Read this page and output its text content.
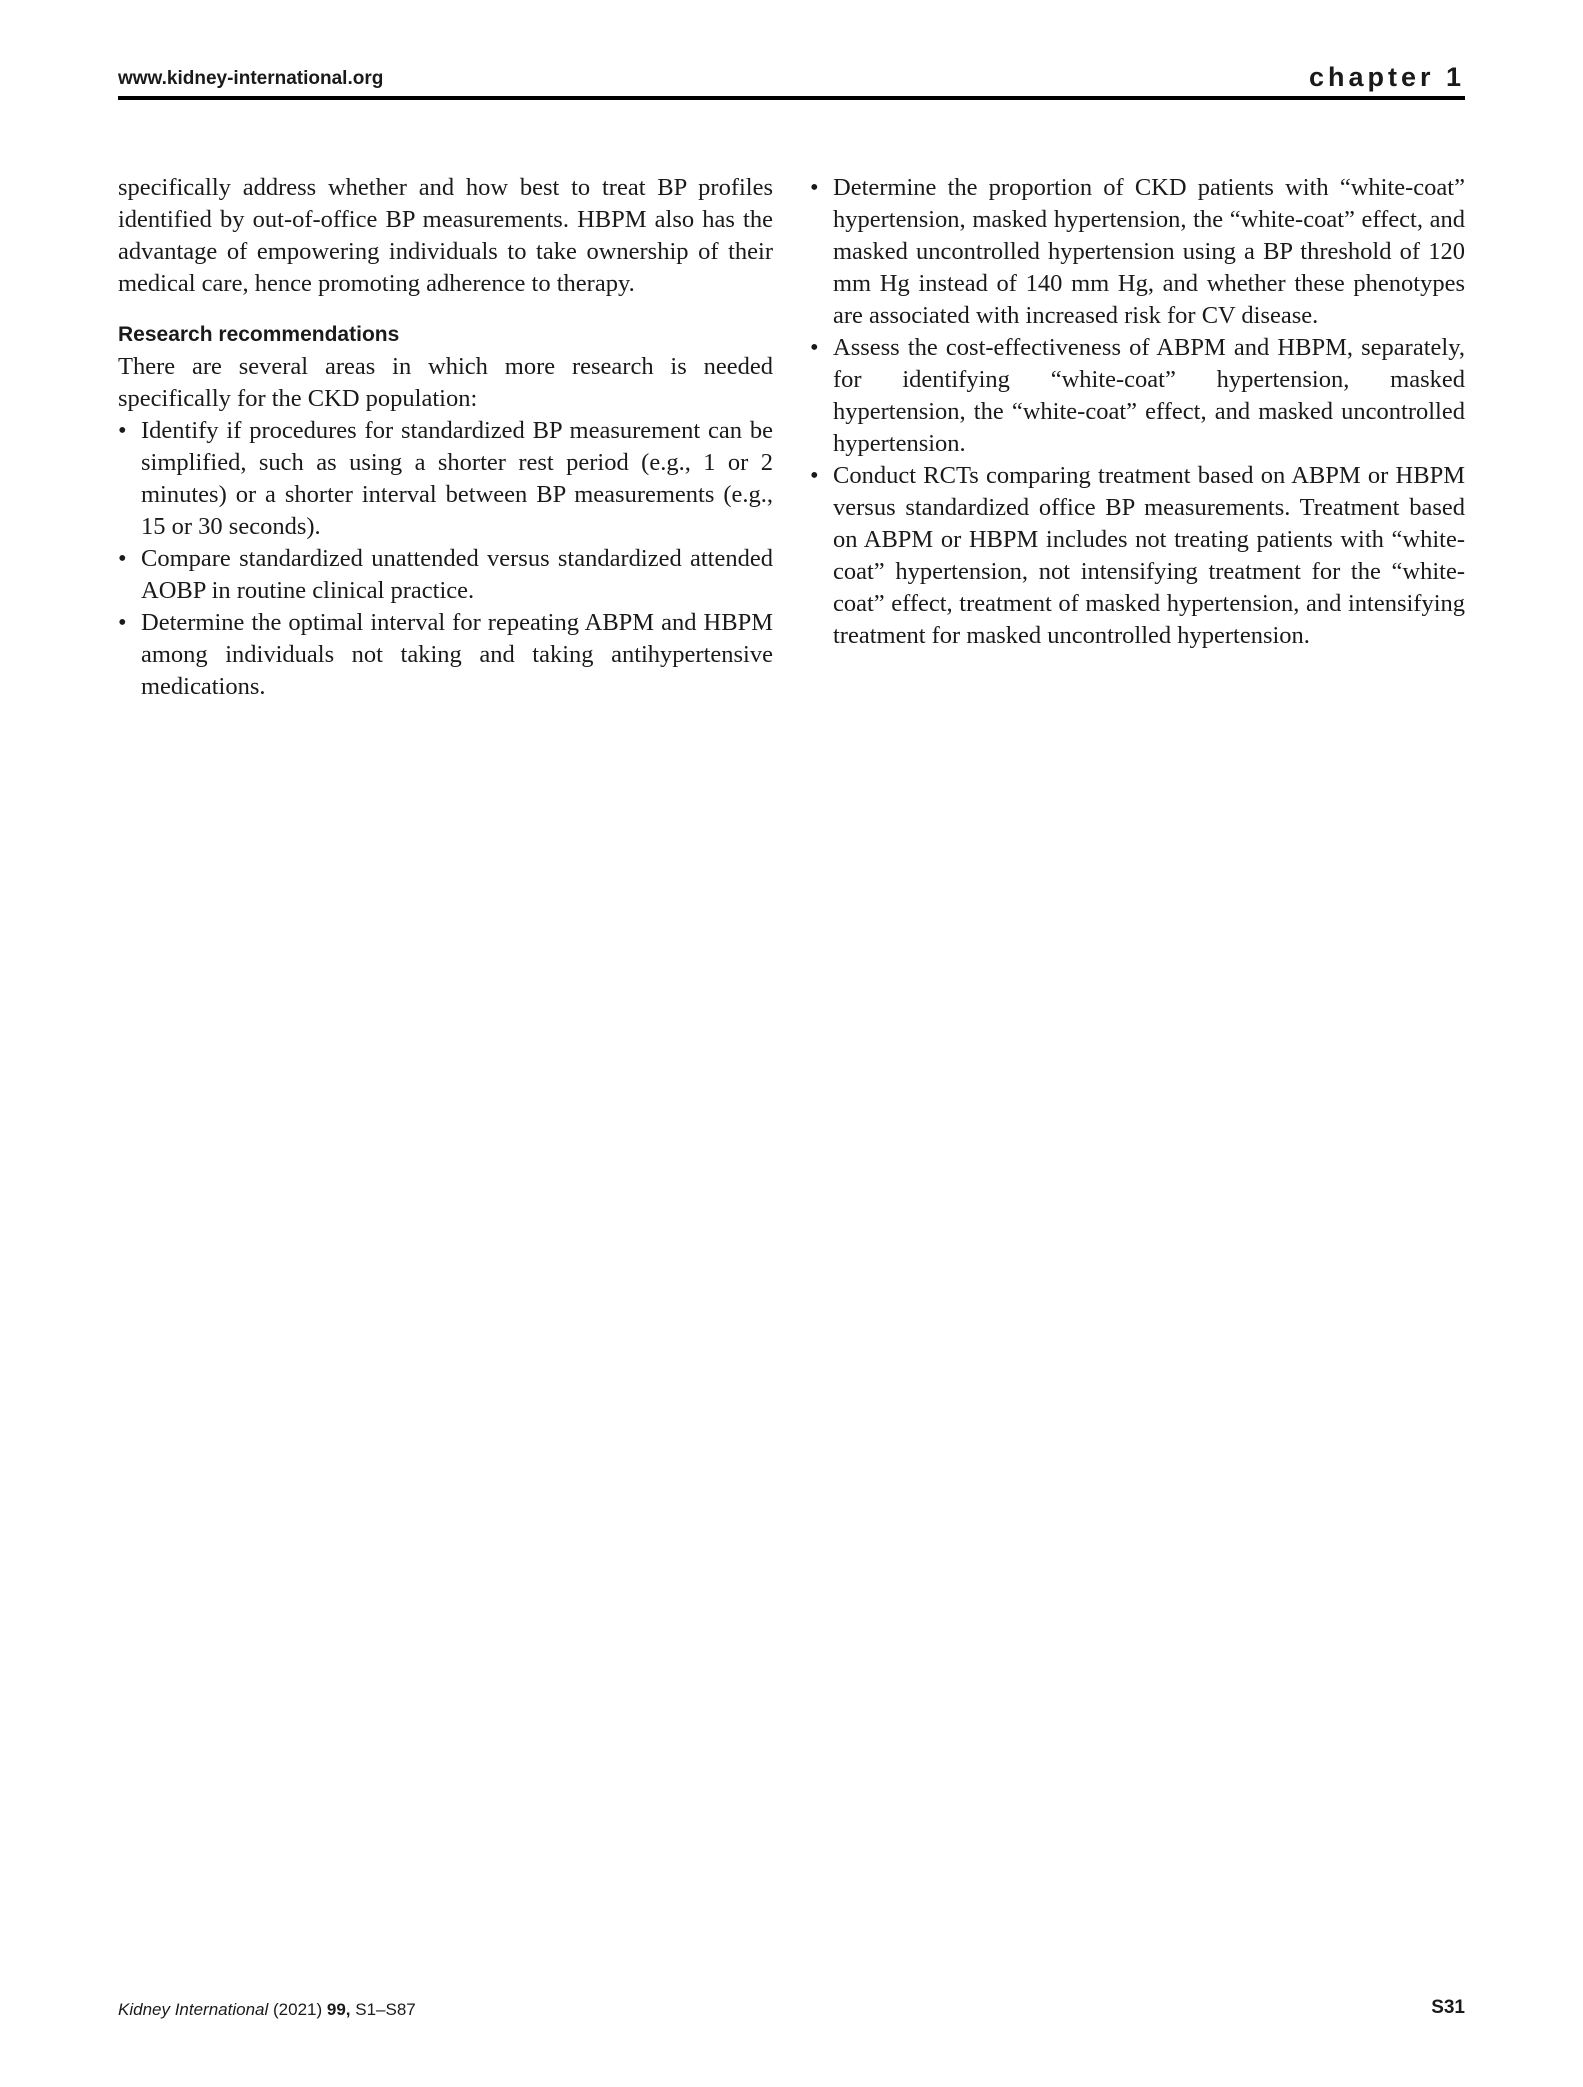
www.kidney-international.org	chapter 1

specifically address whether and how best to treat BP profiles identified by out-of-office BP measurements. HBPM also has the advantage of empowering individuals to take ownership of their medical care, hence promoting adherence to therapy.

Research recommendations

There are several areas in which more research is needed specifically for the CKD population:

• Identify if procedures for standardized BP measurement can be simplified, such as using a shorter rest period (e.g., 1 or 2 minutes) or a shorter interval between BP measurements (e.g., 15 or 30 seconds).
• Compare standardized unattended versus standardized attended AOBP in routine clinical practice.
• Determine the optimal interval for repeating ABPM and HBPM among individuals not taking and taking antihypertensive medications.
• Determine the proportion of CKD patients with “white-coat” hypertension, masked hypertension, the “white-coat” effect, and masked uncontrolled hypertension using a BP threshold of 120 mm Hg instead of 140 mm Hg, and whether these phenotypes are associated with increased risk for CV disease.
• Assess the cost-effectiveness of ABPM and HBPM, separately, for identifying “white-coat” hypertension, masked hypertension, the “white-coat” effect, and masked uncontrolled hypertension.
• Conduct RCTs comparing treatment based on ABPM or HBPM versus standardized office BP measurements. Treatment based on ABPM or HBPM includes not treating patients with “white-coat” hypertension, not intensifying treatment for the “white-coat” effect, treatment of masked hypertension, and intensifying treatment for masked uncontrolled hypertension.
Kidney International (2021) 99, S1–S87	S31
